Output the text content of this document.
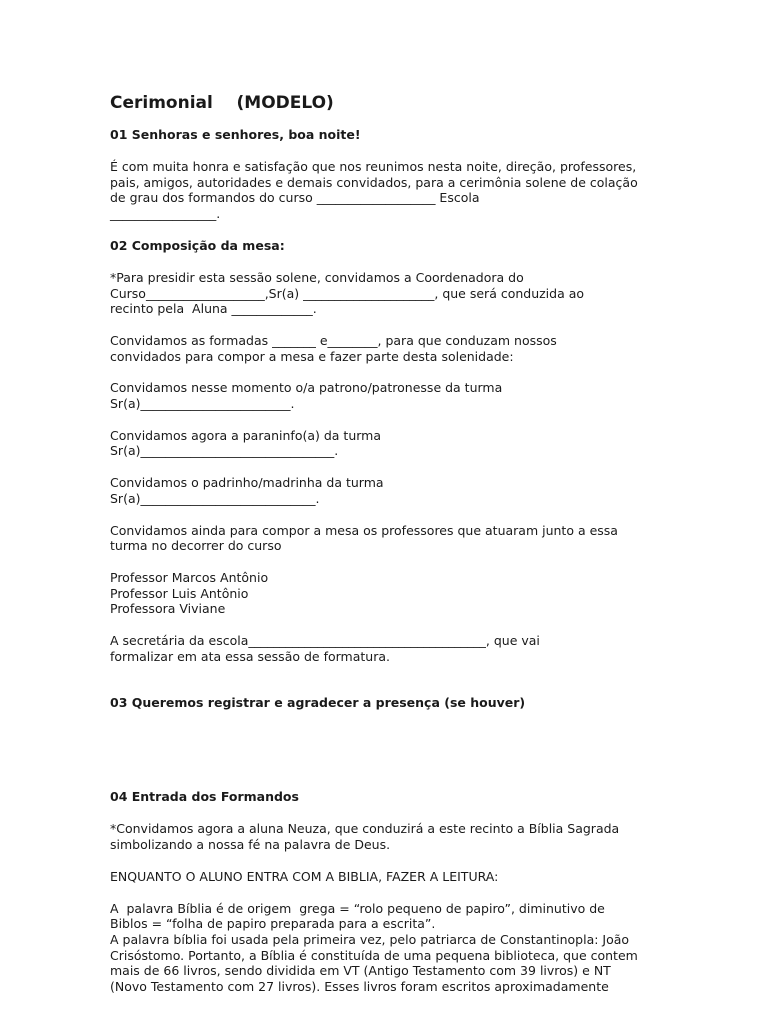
Cerimonial    (MODELO)
01 Senhoras e senhores, boa noite!
É com muita honra e satisfação que nos reunimos nesta noite, direção, professores,
pais, amigos, autoridades e demais convidados, para a cerimônia solene de colação
de grau dos formandos do curso ___________________ Escola
_________________.
02 Composição da mesa:
*Para presidir esta sessão solene, convidamos a Coordenadora do
Curso___________________,Sr(a) _____________________, que será conduzida ao
recinto pela  Aluna _____________.
Convidamos as formadas _______ e________, para que conduzam nossos
convidados para compor a mesa e fazer parte desta solenidade:
Convidamos nesse momento o/a patrono/patronesse da turma
Sr(a)________________________.
Convidamos agora a paraninfo(a) da turma
Sr(a)_______________________________.
Convidamos o padrinho/madrinha da turma
Sr(a)____________________________.
Convidamos ainda para compor a mesa os professores que atuaram junto a essa
turma no decorrer do curso
Professor Marcos Antônio
Professor Luis Antônio
Professora Viviane
A secretária da escola______________________________________, que vai
formalizar em ata essa sessão de formatura.
03 Queremos registrar e agradecer a presença (se houver)
04 Entrada dos Formandos
*Convidamos agora a aluna Neuza, que conduzirá a este recinto a Bíblia Sagrada
simbolizando a nossa fé na palavra de Deus.
ENQUANTO O ALUNO ENTRA COM A BIBLIA, FAZER A LEITURA:
A  palavra Bíblia é de origem  grega = “rolo pequeno de papiro”, diminutivo de
Biblos = “folha de papiro preparada para a escrita”.
A palavra bíblia foi usada pela primeira vez, pelo patriarca de Constantinopla: João
Crisóstomo. Portanto, a Bíblia é constituída de uma pequena biblioteca, que contem
mais de 66 livros, sendo dividida em VT (Antigo Testamento com 39 livros) e NT
(Novo Testamento com 27 livros). Esses livros foram escritos aproximadamente
